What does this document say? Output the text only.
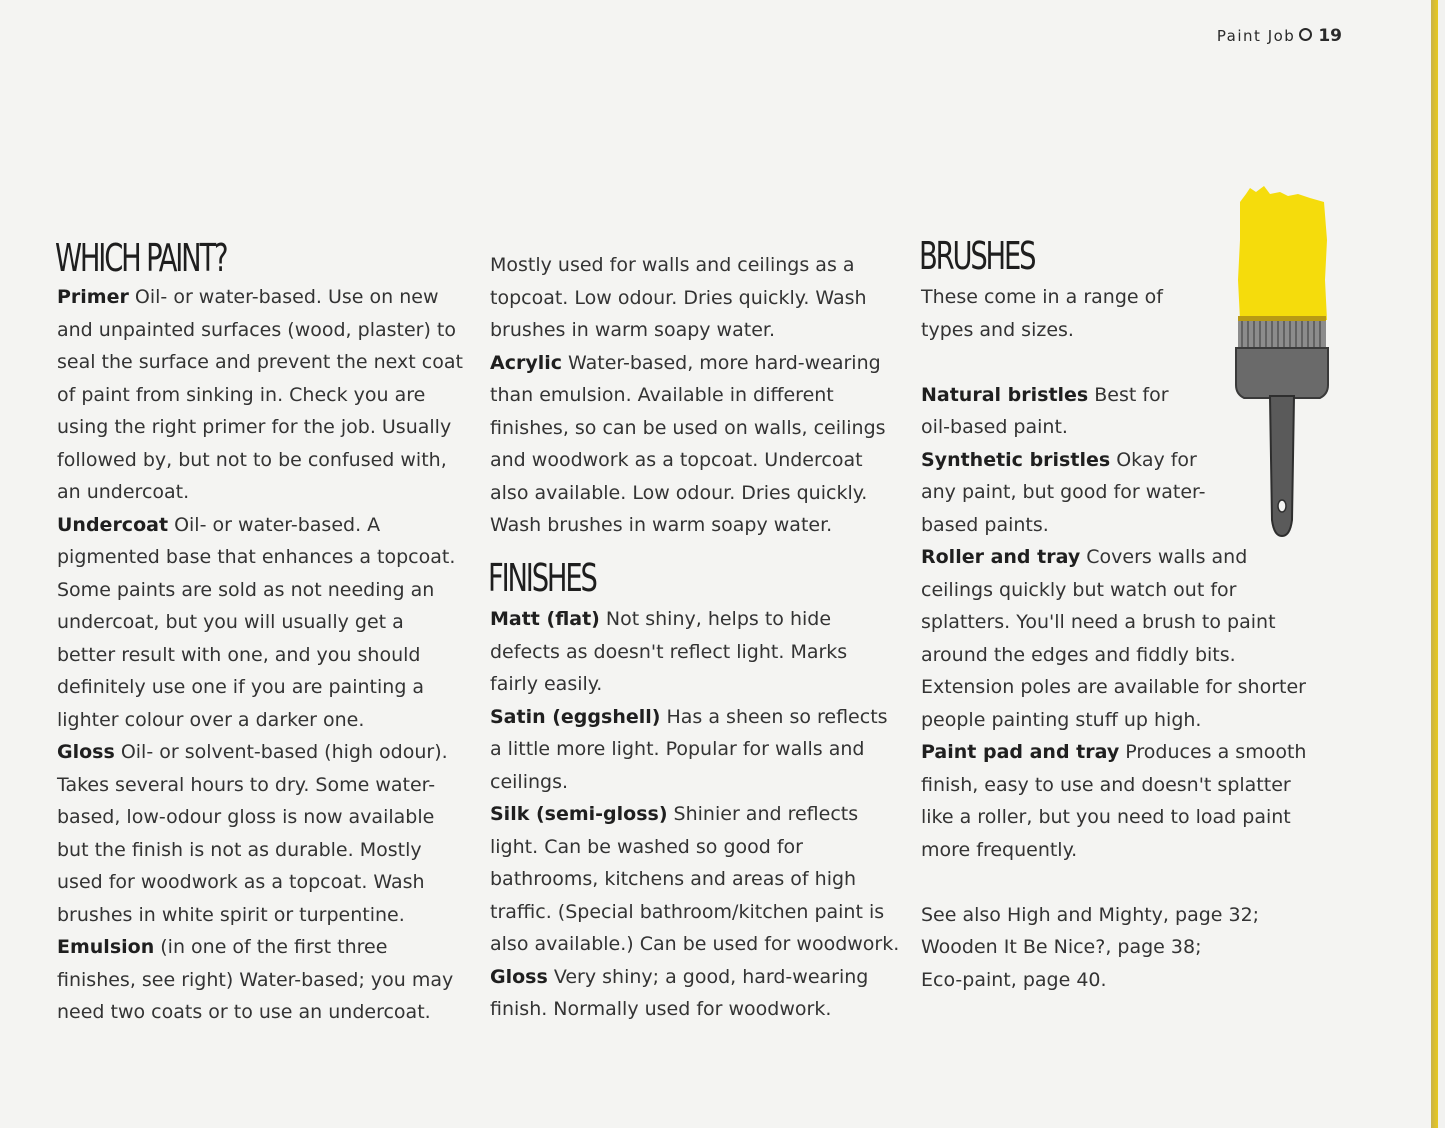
Paint Job 19
WHICH PAINT?

Primer Oil- or water-based. Use on new and unpainted surfaces (wood, plaster) to seal the surface and prevent the next coat of paint from sinking in. Check you are using the right primer for the job. Usually followed by, but not to be confused with, an undercoat.

Undercoat Oil- or water-based. A pigmented base that enhances a topcoat. Some paints are sold as not needing an undercoat, but you will usually get a better result with one, and you should definitely use one if you are painting a lighter colour over a darker one.

Gloss Oil- or solvent-based (high odour). Takes several hours to dry. Some water-based, low-odour gloss is now available but the finish is not as durable. Mostly used for woodwork as a topcoat. Wash brushes in white spirit or turpentine.

Emulsion (in one of the first three finishes, see right) Water-based; you may need two coats or to use an undercoat.

Mostly used for walls and ceilings as a topcoat. Low odour. Dries quickly. Wash brushes in warm soapy water.

Acrylic Water-based, more hard-wearing than emulsion. Available in different finishes, so can be used on walls, ceilings and woodwork as a topcoat. Undercoat also available. Low odour. Dries quickly. Wash brushes in warm soapy water.

FINISHES

Matt (flat) Not shiny, helps to hide defects as doesn't reflect light. Marks fairly easily.

Satin (eggshell) Has a sheen so reflects a little more light. Popular for walls and ceilings.

Silk (semi-gloss) Shinier and reflects light. Can be washed so good for bathrooms, kitchens and areas of high traffic. (Special bathroom/kitchen paint is also available.) Can be used for woodwork.

Gloss Very shiny; a good, hard-wearing finish. Normally used for woodwork.

BRUSHES

These come in a range of types and sizes.

Natural bristles Best for oil-based paint.

Synthetic bristles Okay for any paint, but good for water-based paints.

Roller and tray Covers walls and ceilings quickly but watch out for splatters. You'll need a brush to paint around the edges and fiddly bits. Extension poles are available for shorter people painting stuff up high.

Paint pad and tray Produces a smooth finish, easy to use and doesn't splatter like a roller, but you need to load paint more frequently.

See also High and Mighty, page 32;

Wooden It Be Nice?, page 38;

Eco-paint, page 40.
